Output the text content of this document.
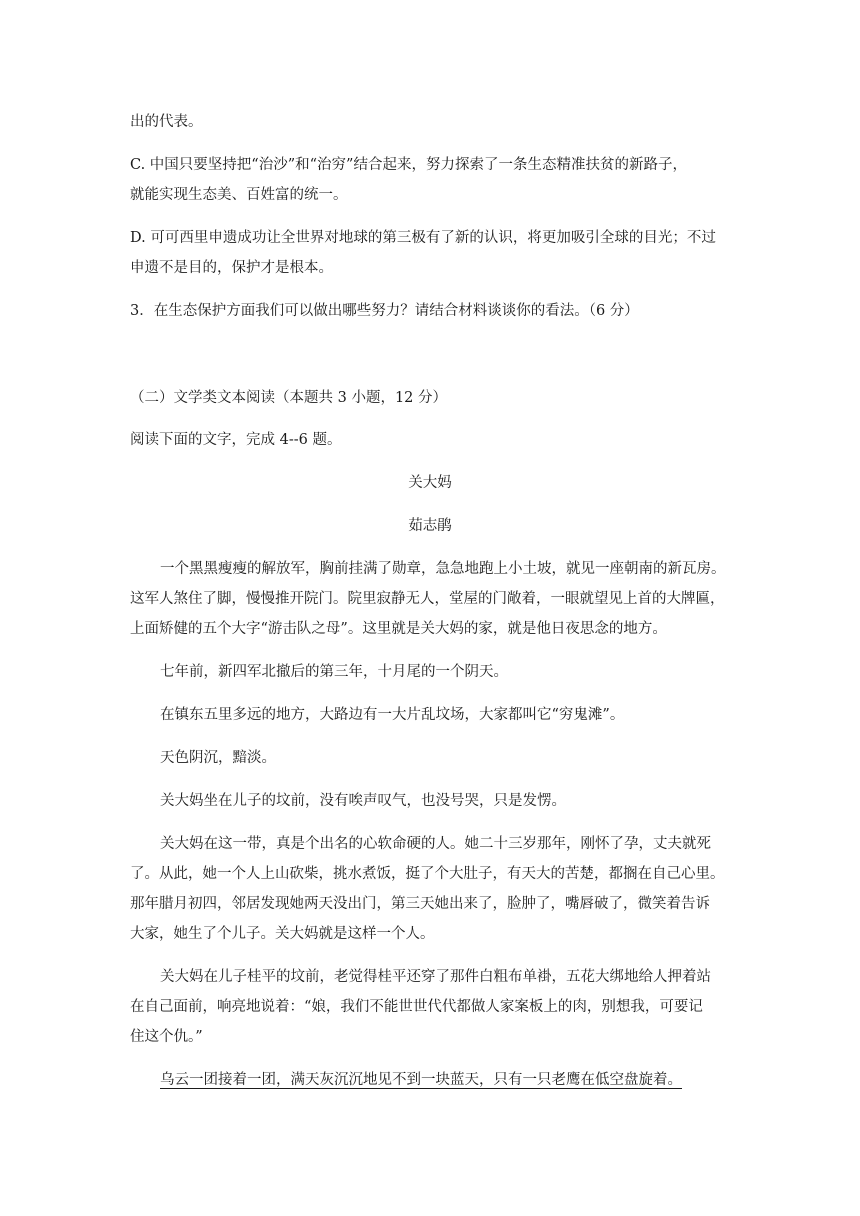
出的代表。
C. 中国只要坚持把“治沙”和“治穷”结合起来，努力探索了一条生态精准扶贫的新路子，
就能实现生态美、百姓富的统一。
D. 可可西里申遗成功让全世界对地球的第三极有了新的认识，将更加吸引全球的目光；不过
申遗不是目的，保护才是根本。
3．在生态保护方面我们可以做出哪些努力？请结合材料谈谈你的看法。（6 分）
（二）文学类文本阅读（本题共 3 小题，12 分）
阅读下面的文字，完成 4--6 题。
关大妈
茹志鹃
一个黑黑瘦瘦的解放军，胸前挂满了勋章，急急地跑上小土坡，就见一座朝南的新瓦房。
这军人煞住了脚，慢慢推开院门。院里寂静无人，堂屋的门敞着，一眼就望见上首的大牌匾，
上面矫健的五个大字“游击队之母”。这里就是关大妈的家，就是他日夜思念的地方。
七年前，新四军北撤后的第三年，十月尾的一个阴天。
在镇东五里多远的地方，大路边有一大片乱坟场，大家都叫它“穷鬼滩”。
天色阴沉，黯淡。
关大妈坐在儿子的坟前，没有唉声叹气，也没号哭，只是发愣。
关大妈在这一带，真是个出名的心软命硬的人。她二十三岁那年，刚怀了孕，丈夫就死
了。从此，她一个人上山砍柴，挑水煮饭，挺了个大肚子，有天大的苦楚，都搁在自己心里。
那年腊月初四，邻居发现她两天没出门，第三天她出来了，脸肿了，嘴唇破了，微笑着告诉
大家，她生了个儿子。关大妈就是这样一个人。
关大妈在儿子桂平的坟前，老觉得桂平还穿了那件白粗布单褂，五花大绑地给人押着站
在自己面前，响亮地说着：“娘，我们不能世世代代都做人家案板上的肉，别想我，可要记
住这个仇。”
乌云一团接着一团，满天灰沉沉地见不到一块蓝天，只有一只老鹰在低空盘旋着。
